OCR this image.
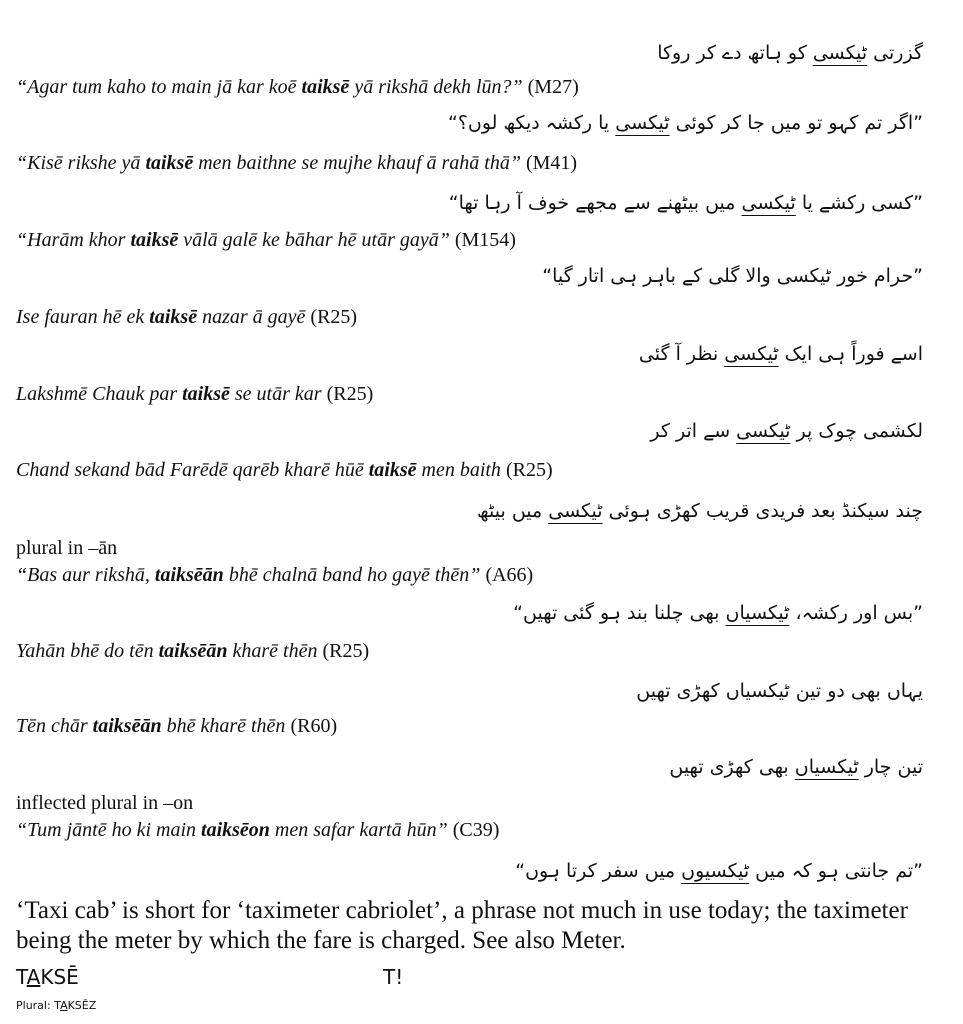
گزرتی ٹیکسی کو ہاتھ دے کر روکا
“Agar tum kaho to main jā kar koē taiksē yā rikshā dekh lūn?” (M27)
”اگر تم کہو تو میں جا کر کوئی ٹیکسی یا رکشہ دیکھ لوں؟“
“Kisē rikshe yā taiksē men baithne se mujhe khauf ā rahā thā” (M41)
”کسی رکشے یا ٹیکسی میں بیٹھنے سے مجھے خوف آ رہا تھا“
“Harām khor taiksē vālā galē ke bāhar hē utār gayā” (M154)
”حرام خور ٹیکسی والا گلی کے باہر ہی اتار گیا“
Ise fauran hē ek taiksē nazar ā gayē (R25)
اسے فوراً ہی ایک ٹیکسی نظر آ گئی
Lakshmē Chauk par taiksē se utār kar (R25)
لکشمی چوک پر ٹیکسی سے اتر کر
Chand sekand bād Farēdē qarēb kharē hūē taiksē men baith (R25)
چند سیکنڈ بعد فریدی قریب کھڑی ہوئی ٹیکسی میں بیٹھ
plural in –ān
“Bas aur rikshā, taiksēān bhē chalnā band ho gayē thēn” (A66)
”بس اور رکشہ، ٹیکسیاں بھی چلنا بند ہو گئی تھیں“
Yahān bhē do tēn taiksēān kharē thēn (R25)
یہاں بھی دو تین ٹیکسیاں کھڑی تھیں
Tēn chār taiksēān bhē kharē thēn (R60)
تین چار ٹیکسیاں بھی کھڑی تھیں
inflected plural in –on
“Tum jāntē ho ki main taiksēon men safar kartā hūn” (C39)
”تم جانتی ہو کہ میں ٹیکسیوں میں سفر کرتا ہوں“
‘Taxi cab’ is short for ‘taximeter cabriolet’, a phrase not much in use today; the taximeter being the meter by which the fare is charged. See also Meter.
TAKSĒ	T!
Plural: TAKSĒZ
